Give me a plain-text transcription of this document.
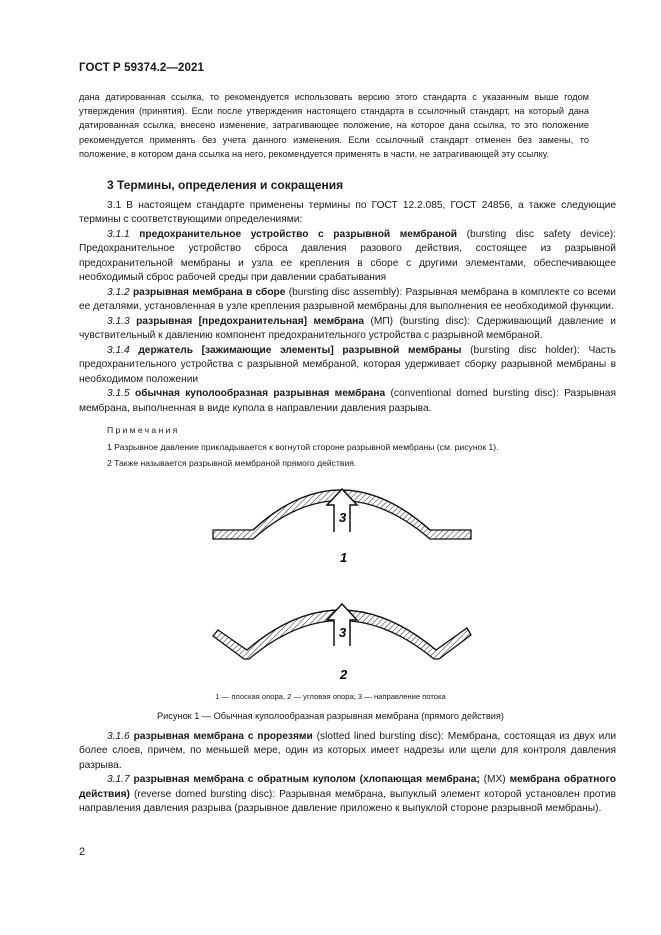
ГОСТ Р 59374.2—2021

дана датированная ссылка, то рекомендуется использовать версию этого стандарта с указанным выше годом утверждения (принятия). Если после утверждения настоящего стандарта в ссылочный стандарт, на который дана датированная ссылка, внесено изменение, затрагивающее положение, на которое дана ссылка, то это положение рекомендуется применять без учета данного изменения. Если ссылочный стандарт отменен без замены, то положение, в котором дана ссылка на него, рекомендуется применять в части, не затрагивающей эту ссылку.

3 Термины, определения и сокращения

3.1 В настоящем стандарте применены термины по ГОСТ 12.2.085, ГОСТ 24856, а также следующие термины с соответствующими определениями:

3.1.1 предохранительное устройство с разрывной мембраной (bursting disc safety device): Предохранительное устройство сброса давления разового действия, состоящее из разрывной предохранительной мембраны и узла ее крепления в сборе с другими элементами, обеспечивающее необходимый сброс рабочей среды при давлении срабатывания

3.1.2 разрывная мембрана в сборе (bursting disc assembly): Разрывная мембрана в комплекте со всеми ее деталями, установленная в узле крепления разрывной мембраны для выполнения ее необходимой функции.

3.1.3 разрывная [предохранительная] мембрана (МП) (bursting disc): Сдерживающий давление и чувствительный к давлению компонент предохранительного устройства с разрывной мембраной.

3.1.4 держатель [зажимающие элементы] разрывной мембраны (bursting disc holder): Часть предохранительного устройства с разрывной мембраной, которая удерживает сборку разрывной мембраны в необходимом положении

3.1.5 обычная куполообразная разрывная мембрана (conventional domed bursting disc): Разрывная мембрана, выполненная в виде купола в направлении давления разрыва.

Примечания
1 Разрывное давление прикладывается к вогнутой стороне разрывной мембраны (см. рисунок 1).
2 Также называется разрывной мембраной прямого действия.
3
1
3
2
1 — плоская опора, 2 — угловая опора; 3 — направление потока
Рисунок 1 — Обычная куполообразная разрывная мембрана (прямого действия)

3.1.6 разрывная мембрана с прорезями (slotted lined bursting disc): Мембрана, состоящая из двух или более слоев, причем, по меньшей мере, один из которых имеет надрезы или щели для контроля давления разрыва.

3.1.7 разрывная мембрана с обратным куполом (хлопающая мембрана; (МХ) мембрана обратного действия) (reverse domed bursting disc): Разрывная мембрана, выпуклый элемент которой установлен против направления давления разрыва (разрывное давление приложено к выпуклой стороне разрывной мембраны).

2
